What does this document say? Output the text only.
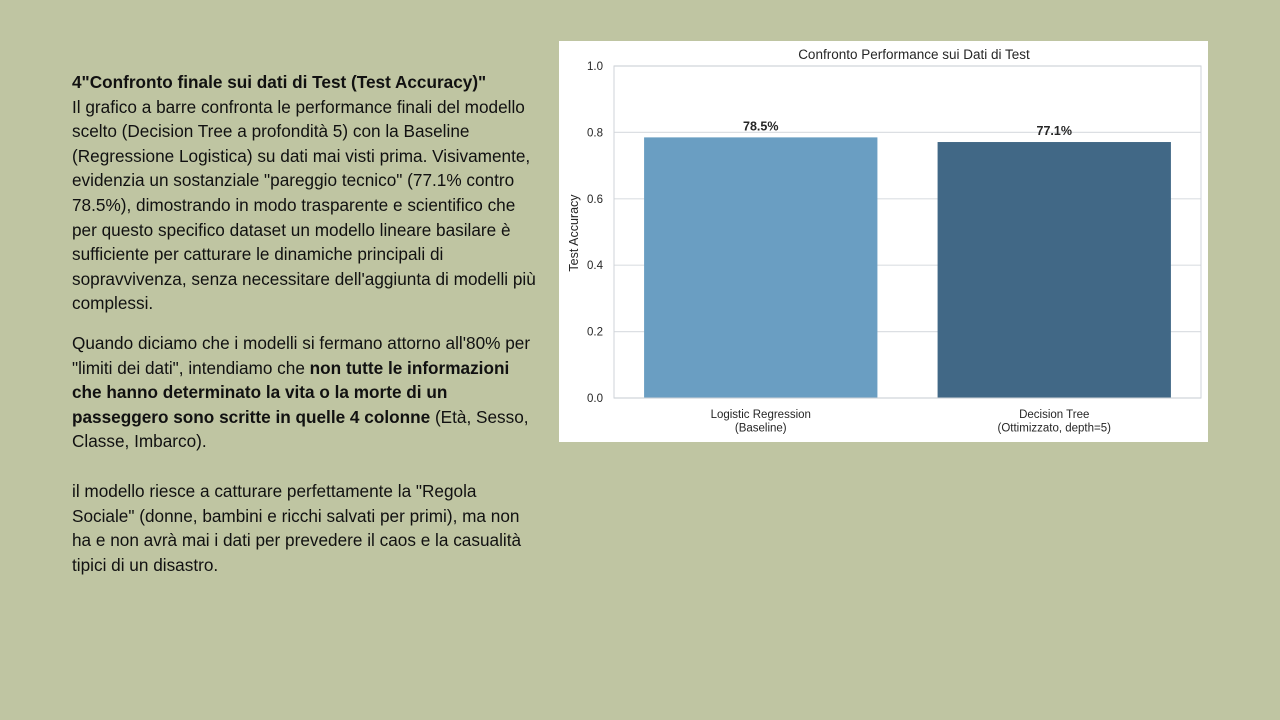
4"Confronto finale sui dati di Test (Test Accuracy)"
Il grafico a barre confronta le performance finali del modello scelto (Decision Tree a profondità 5) con la Baseline (Regressione Logistica) su dati mai visti prima. Visivamente, evidenzia un sostanziale "pareggio tecnico" (77.1% contro 78.5%), dimostrando in modo trasparente e scientifico che per questo specifico dataset un modello lineare basilare è sufficiente per catturare le dinamiche principali di sopravvivenza, senza necessitare dell'aggiunta di modelli più complessi.

Quando diciamo che i modelli si fermano attorno all'80% per "limiti dei dati", intendiamo che non tutte le informazioni che hanno determinato la vita o la morte di un passeggero sono scritte in quelle 4 colonne (Età, Sesso, Classe, Imbarco).

il modello riesce a catturare perfettamente la "Regola Sociale" (donne, bambini e ricchi salvati per primi), ma non ha e non avrà mai i dati per prevedere il caos e la casualità tipici di un disastro.

Confronto Performance sui Dati di Test
Test Accuracy
0.0
0.2
0.4
0.6
0.8
1.0
78.5%	77.1%
Logistic Regression
(Baseline)
Decision Tree
(Ottimizzato, depth=5)
